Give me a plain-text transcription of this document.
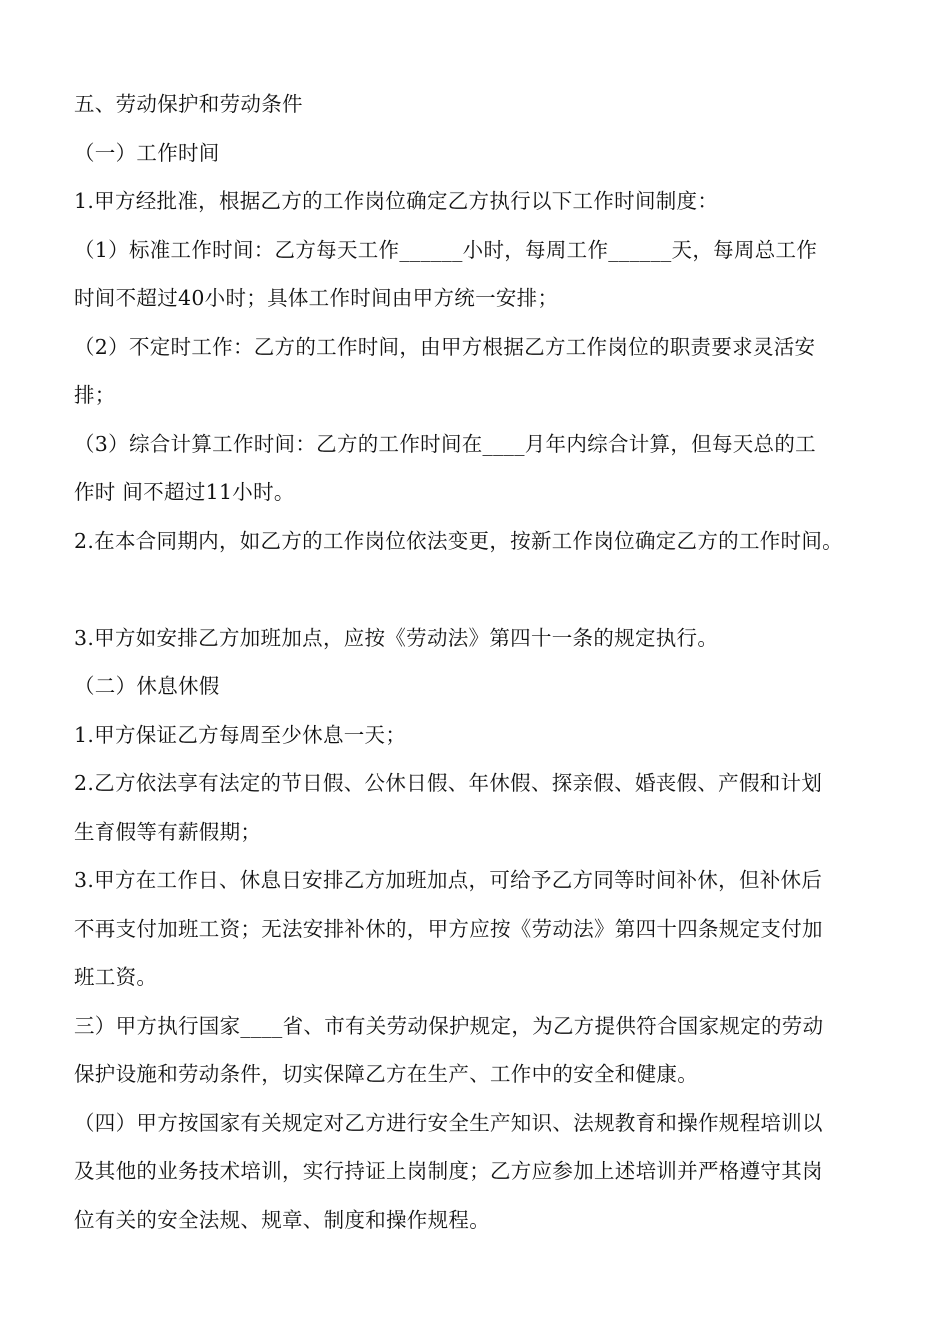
五、劳动保护和劳动条件
（一）工作时间
1.甲方经批准，根据乙方的工作岗位确定乙方执行以下工作时间制度：
（1）标准工作时间：乙方每天工作______小时，每周工作______天，每周总工作
时间不超过40小时；具体工作时间由甲方统一安排；
（2）不定时工作：乙方的工作时间，由甲方根据乙方工作岗位的职责要求灵活安
排；
（3）综合计算工作时间：乙方的工作时间在____月年内综合计算，但每天总的工
作时 间不超过11小时。
2.在本合同期内，如乙方的工作岗位依法变更，按新工作岗位确定乙方的工作时间。
3.甲方如安排乙方加班加点，应按《劳动法》第四十一条的规定执行。
（二）休息休假
1.甲方保证乙方每周至少休息一天；
2.乙方依法享有法定的节日假、公休日假、年休假、探亲假、婚丧假、产假和计划
生育假等有薪假期；
3.甲方在工作日、休息日安排乙方加班加点，可给予乙方同等时间补休，但补休后
不再支付加班工资；无法安排补休的，甲方应按《劳动法》第四十四条规定支付加
班工资。
三）甲方执行国家____省、市有关劳动保护规定，为乙方提供符合国家规定的劳动
保护设施和劳动条件，切实保障乙方在生产、工作中的安全和健康。
（四）甲方按国家有关规定对乙方进行安全生产知识、法规教育和操作规程培训以
及其他的业务技术培训，实行持证上岗制度；乙方应参加上述培训并严格遵守其岗
位有关的安全法规、规章、制度和操作规程。
